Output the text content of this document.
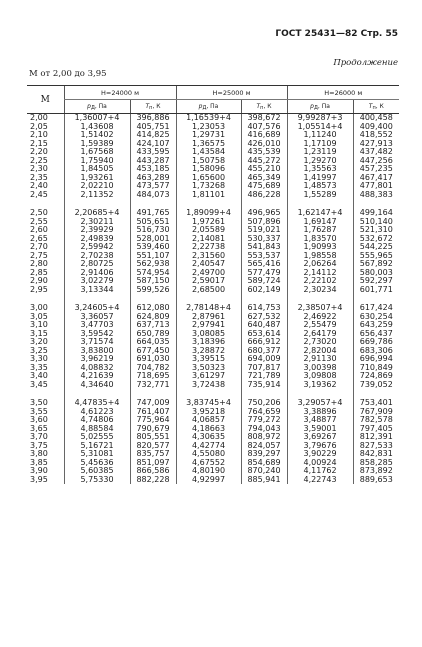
ГОСТ 25431—82 Стр. 55
Продолжение
М от 2,00 до 3,95
М	H=24000 м		H=25000 м		H=26000 м	
	$р_Д$, Па	$Т_п$, К	$р_Д$, Па	$Т_п$, К	$р_Д$, Па	$Т_п$, К
2,00	1,36007+4	396,886	1,16539+4	398,672	9,99287+3	400,458
2,05	1,43608	405,751	1,23053	407,576	1,05514+4	409,400
2,10	1,51402	414,825	1,29731	416,689	1,11240	418,552
2,15	1,59389	424,107	1,36575	426,010	1,17109	427,913
2,20	1,67568	433,595	1,43584	435,539	1,23119	437,482
2,25	1,75940	443,287	1,50758	445,272	1,29270	447,256
2,30	1,84505	453,185	1,58096	455,210	1,35563	457,235
2,35	1,93261	463,289	1,65600	465,349	1,41997	467,417
2,40	2,02210	473,577	1,73268	475,689	1,48573	477,801
2,45	2,11352	484,073	1,81101	486,228	1,55289	488,383

2,50	2,20685+4	491,765	1,89099+4	496,965	1,62147+4	499,164
2,55	2,30211	505,651	1,97261	507,896	1,69147	510,140
2,60	2,39929	516,730	2,05589	519,021	1,76287	521,310
2,65	2,49839	528,001	2,14081	530,337	1,83570	532,672
2,70	2,59942	539,460	2,22738	541,843	1,90993	544,225
2,75	2,70238	551,107	2,31560	553,537	1,98558	555,965
2,80	2,80725	562,938	2,40547	565,416	2,06264	567,892
2,85	2,91406	574,954	2,49700	577,479	2,14112	580,003
2,90	3,02279	587,150	2,59017	589,724	2,22102	592,297
2,95	3,13344	599,526	2,68500	602,149	2,30234	601,771

3,00	3,24605+4	612,080	2,78148+4	614,753	2,38507+4	617,424
3,05	3,36057	624,809	2,87961	627,532	2,46922	630,254
3,10	3,47703	637,713	2,97941	640,487	2,55479	643,259
3,15	3,59542	650,789	3,08085	653,614	2,64179	656,437
3,20	3,71574	664,035	3,18396	666,912	2,73020	669,786
3,25	3,83800	677,450	3,28872	680,377	2,82004	683,306
3,30	3,96219	691,030	3,39515	694,009	2,91130	696,994
3,35	4,08832	704,782	3,50323	707,817	3,00398	710,849
3,40	4,21639	718,695	3,61297	721,789	3,09808	724,869
3,45	4,34640	732,771	3,72438	735,914	3,19362	739,052

3,50	4,47835+4	747,009	3,83745+4	750,206	3,29057+4	753,401
3,55	4,61223	761,407	3,95218	764,659	3,38896	767,909
3,60	4,74806	775,964	4,06857	779,272	3,48877	782,578
3,65	4,88584	790,679	4,18663	794,043	3,59001	797,405
3,70	5,02555	805,551	4,30635	808,972	3,69267	812,391
3,75	5,16721	820,577	4,42774	824,057	3,79676	827,533
3,80	5,31081	835,757	4,55080	839,297	3,90229	842,831
3,85	5,45636	851,097	4,67552	854,689	4,00924	858,285
3,90	5,60385	866,586	4,80190	870,240	4,11762	873,892
3,95	5,75330	882,228	4,92997	885,941	4,22743	889,653
